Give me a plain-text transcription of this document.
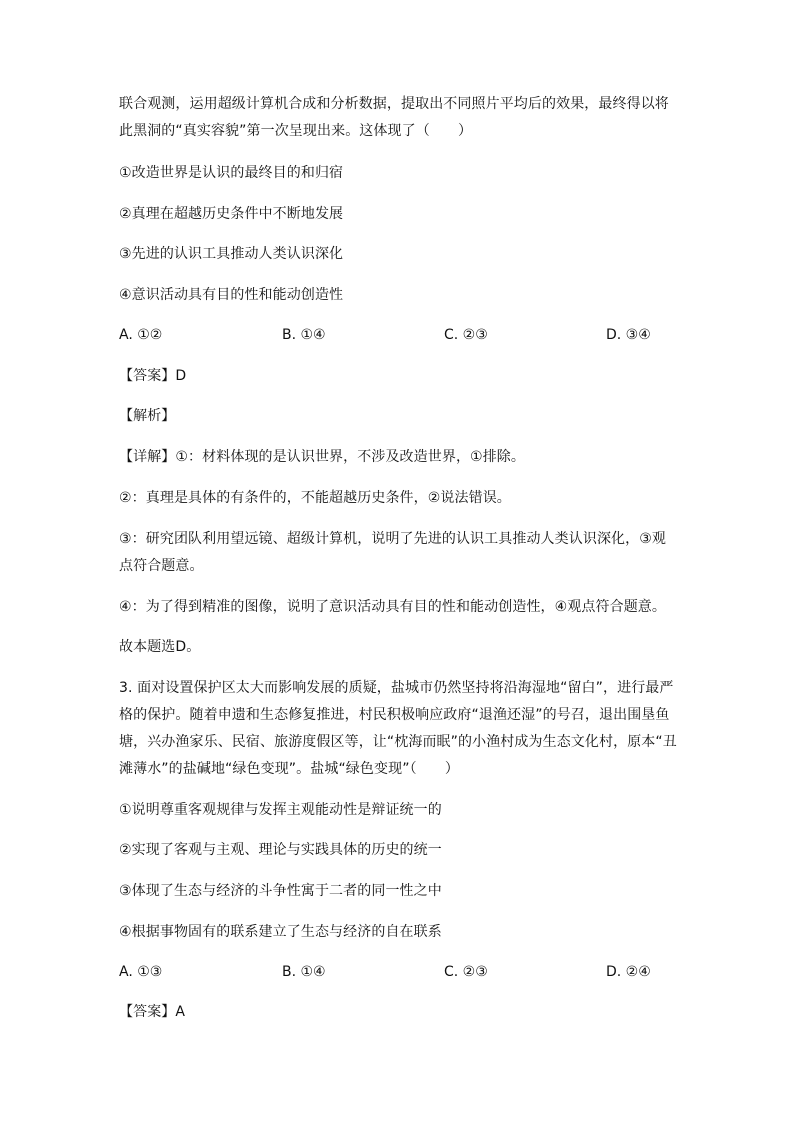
联合观测，运用超级计算机合成和分析数据，提取出不同照片平均后的效果，最终得以将
此黑洞的“真实容貌”第一次呈现出来。这体现了（　　）
①改造世界是认识的最终目的和归宿
②真理在超越历史条件中不断地发展
③先进的认识工具推动人类认识深化
④意识活动具有目的性和能动创造性
A. ①②	B. ①④	C. ②③	D. ③④
【答案】D
【解析】
【详解】①：材料体现的是认识世界，不涉及改造世界，①排除。
②：真理是具体的有条件的，不能超越历史条件，②说法错误。
③：研究团队利用望远镜、超级计算机，说明了先进的认识工具推动人类认识深化，③观
点符合题意。
④：为了得到精准的图像，说明了意识活动具有目的性和能动创造性，④观点符合题意。
故本题选D。
3. 面对设置保护区太大而影响发展的质疑，盐城市仍然坚持将沿海湿地“留白”，进行最严
格的保护。随着申遗和生态修复推进，村民积极响应政府“退渔还湿”的号召，退出围垦鱼
塘，兴办渔家乐、民宿、旅游度假区等，让“枕海而眠”的小渔村成为生态文化村，原本“丑
滩薄水”的盐碱地“绿色变现”。盐城“绿色变现”（　　）
①说明尊重客观规律与发挥主观能动性是辩证统一的
②实现了客观与主观、理论与实践具体的历史的统一
③体现了生态与经济的斗争性寓于二者的同一性之中
④根据事物固有的联系建立了生态与经济的自在联系
A. ①③	B. ①④	C. ②③	D. ②④
【答案】A
